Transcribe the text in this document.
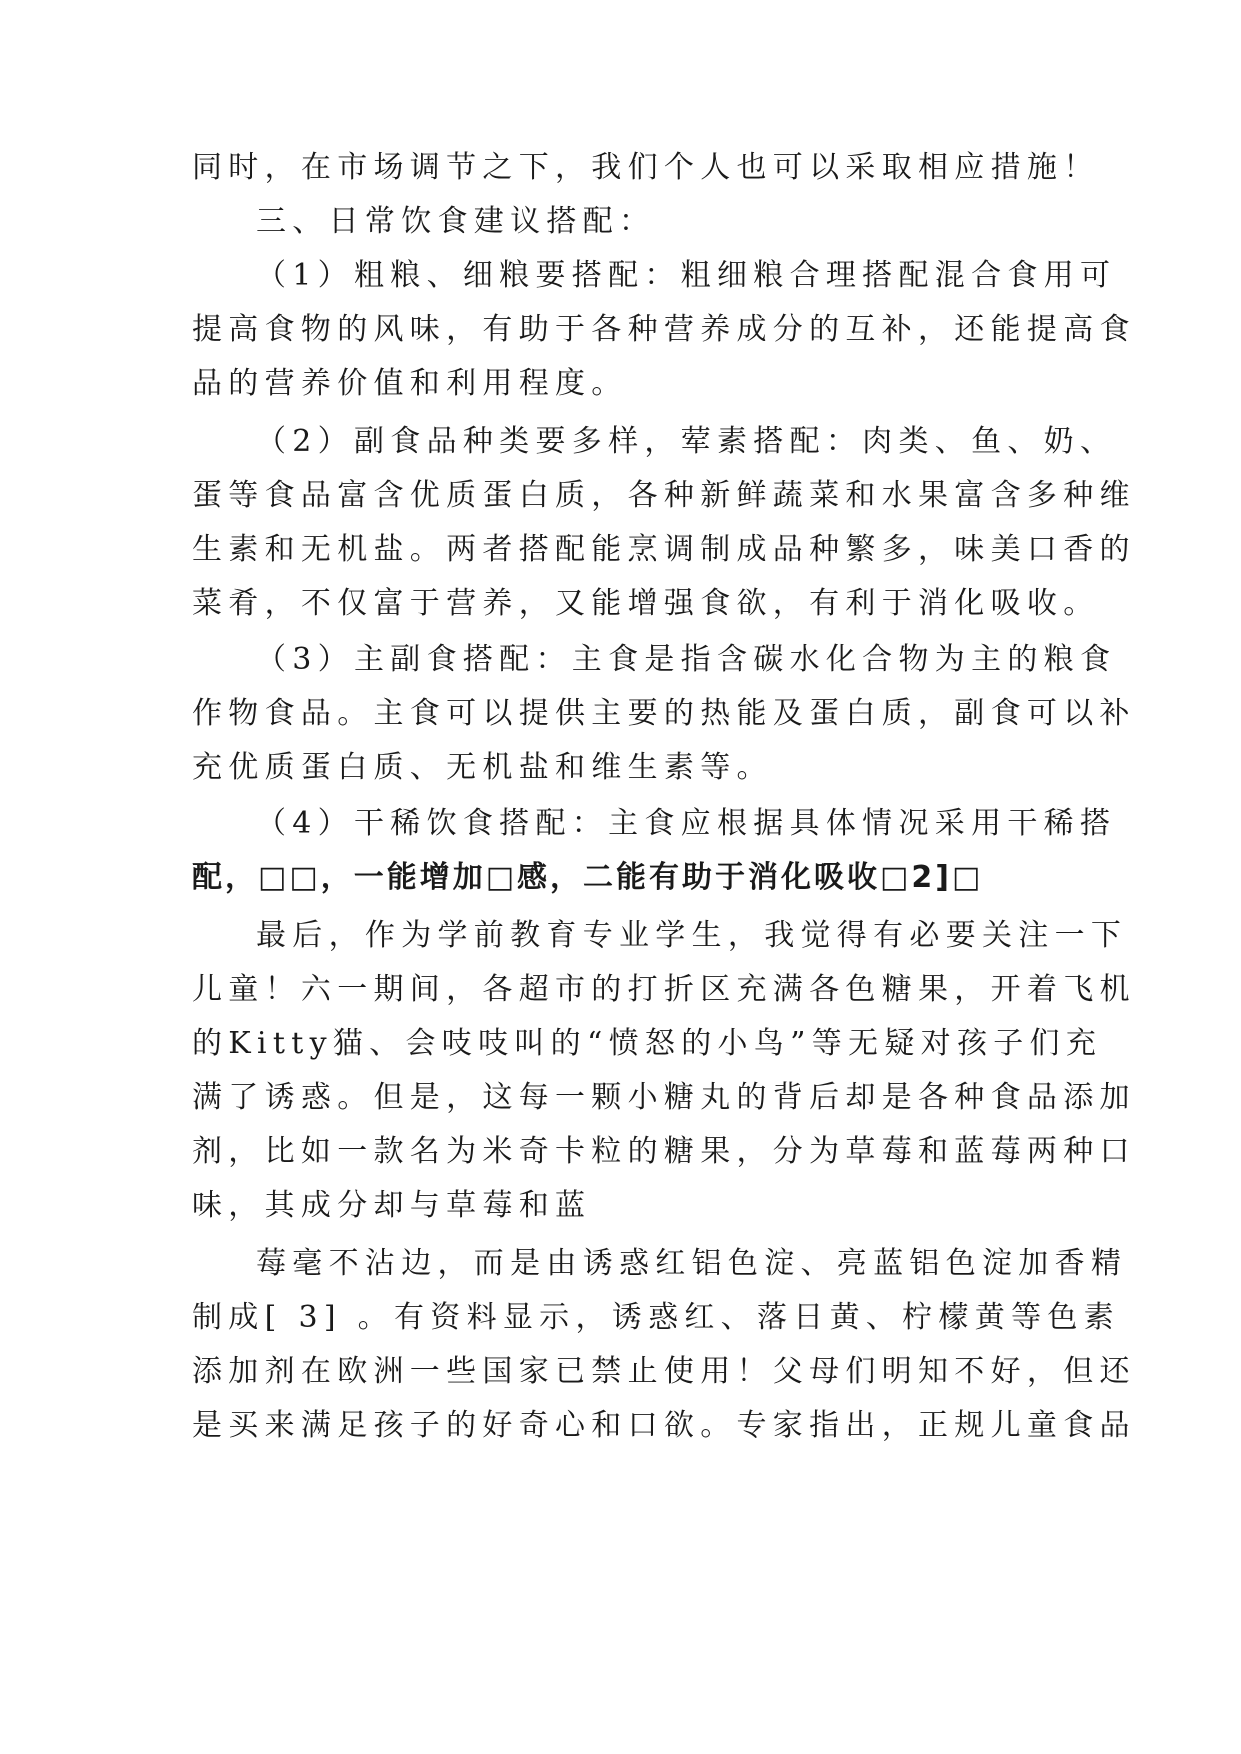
同时，在市场调节之下，我们个人也可以采取相应措施！
三、日常饮食建议搭配：
（1）粗粮、细粮要搭配：粗细粮合理搭配混合食用可
提高食物的风味，有助于各种营养成分的互补，还能提高食
品的营养价值和利用程度。
（2）副食品种类要多样，荤素搭配：肉类、鱼、奶、
蛋等食品富含优质蛋白质，各种新鲜蔬菜和水果富含多种维
生素和无机盐。两者搭配能烹调制成品种繁多，味美口香的
菜肴，不仅富于营养，又能增强食欲，有利于消化吸收。
（3）主副食搭配：主食是指含碳水化合物为主的粮食
作物食品。主食可以提供主要的热能及蛋白质，副食可以补
充优质蛋白质、无机盐和维生素等。
（4）干稀饮食搭配：主食应根据具体情况采用干稀搭
配，□□，一能增加□感，二能有助于消化吸收□2]□
最后，作为学前教育专业学生，我觉得有必要关注一下
儿童！六一期间，各超市的打折区充满各色糖果，开着飞机
的Kitty猫、会吱吱叫的“愤怒的小鸟”等无疑对孩子们充
满了诱惑。但是，这每一颗小糖丸的背后却是各种食品添加
剂，比如一款名为米奇卡粒的糖果，分为草莓和蓝莓两种口
味，其成分却与草莓和蓝
莓毫不沾边，而是由诱惑红铝色淀、亮蓝铝色淀加香精
制成[ 3] 。有资料显示，诱惑红、落日黄、柠檬黄等色素
添加剂在欧洲一些国家已禁止使用！父母们明知不好，但还
是买来满足孩子的好奇心和口欲。专家指出，正规儿童食品
